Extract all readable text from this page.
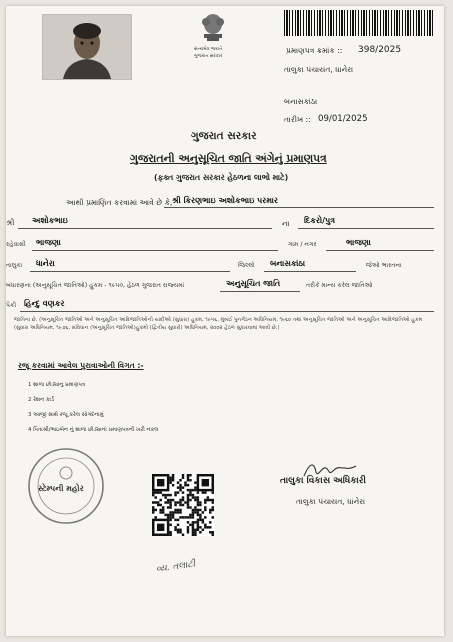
સત્યમેવ જયતે
ગુજરાત સરકાર
પ્રમાણપત્ર ક્રમાંક :: 398/2025
તાલુકા પંચાયત, ધાનેરા
બનાસકાંઠા
તારીખ :: 09/01/2025
ગુજરાત સરકાર
ગુજરાતની અનુસૂચિત જાતિ અંગેનું પ્રમાણપત્ર
(ફક્ત ગુજરાત સરકાર હેઠળના લાભો માટે)
આથી પ્રમાણિત કરવામાં આવે છે કે, શ્રી કિરણભાઇ અશોકભાઇ પરમાર
શ્રી અશોકભાઇ	ના દિકરો/પુત્ર
રહેવાસી ભાજણા	ગામ / નગર	ભાજણા
તાલુકા ધાનેરા	જિલ્લો બનાસકાંઠા	જેઓ ભારતના
બંધારણના (અનુસૂચિત જાતિઓ) હુકમ - ૧૯૫૦, હેઠળ ગુજરાત રાજ્યમાં	અનુસૂચિત જાતિ	તરીકે માન્ય કરેલ જાતિઓ
પૈકી હિન્દુ વણકર
જાતિના છે. (અનુસૂચિત જાતિઓ અને અનુસૂચિત આદિજાતિઓની યાદીઓ (સુધારા) હુકમ, ૧૯૫૬, મુંબઈ પુનર્ગઠન અધિનિયમ, ૧૯૬૦ તથા અનુસૂચિત જાતિઓ અને અનુસૂચિત આદિજાતિઓ હુકમ (સુધારા અધિનિયમ, ૧૯૭૬, સંવિધાન (અનુસૂચિત જાતિઓ)હુકમો (દ્વિતીય સુધારો) અધિનિયમ, ૨૦૦૨ હેઠળ સુધારવામાં આવી છે.)
રજૂ કરવામાં આવેલ પુરાવાઓની વિગત :-
1 શાળા છોડ્યાનુ પ્રમાણપત્ર
2 રેશન કાર્ડ
3 આજી સાથે રજૂ કરેલ સોગંદનામું
4 પિતાશ્રી/ભાઇબેન નું શાળા છોડ્યાનાં પ્રમાણપત્રની ખરી નકલ
સ્ટેમ્પની મહોર
તાલુકા વિકાસ અધિકારી
તાલુકા પંચાયત, ધાનેરા
વ્ય. તલાટી
